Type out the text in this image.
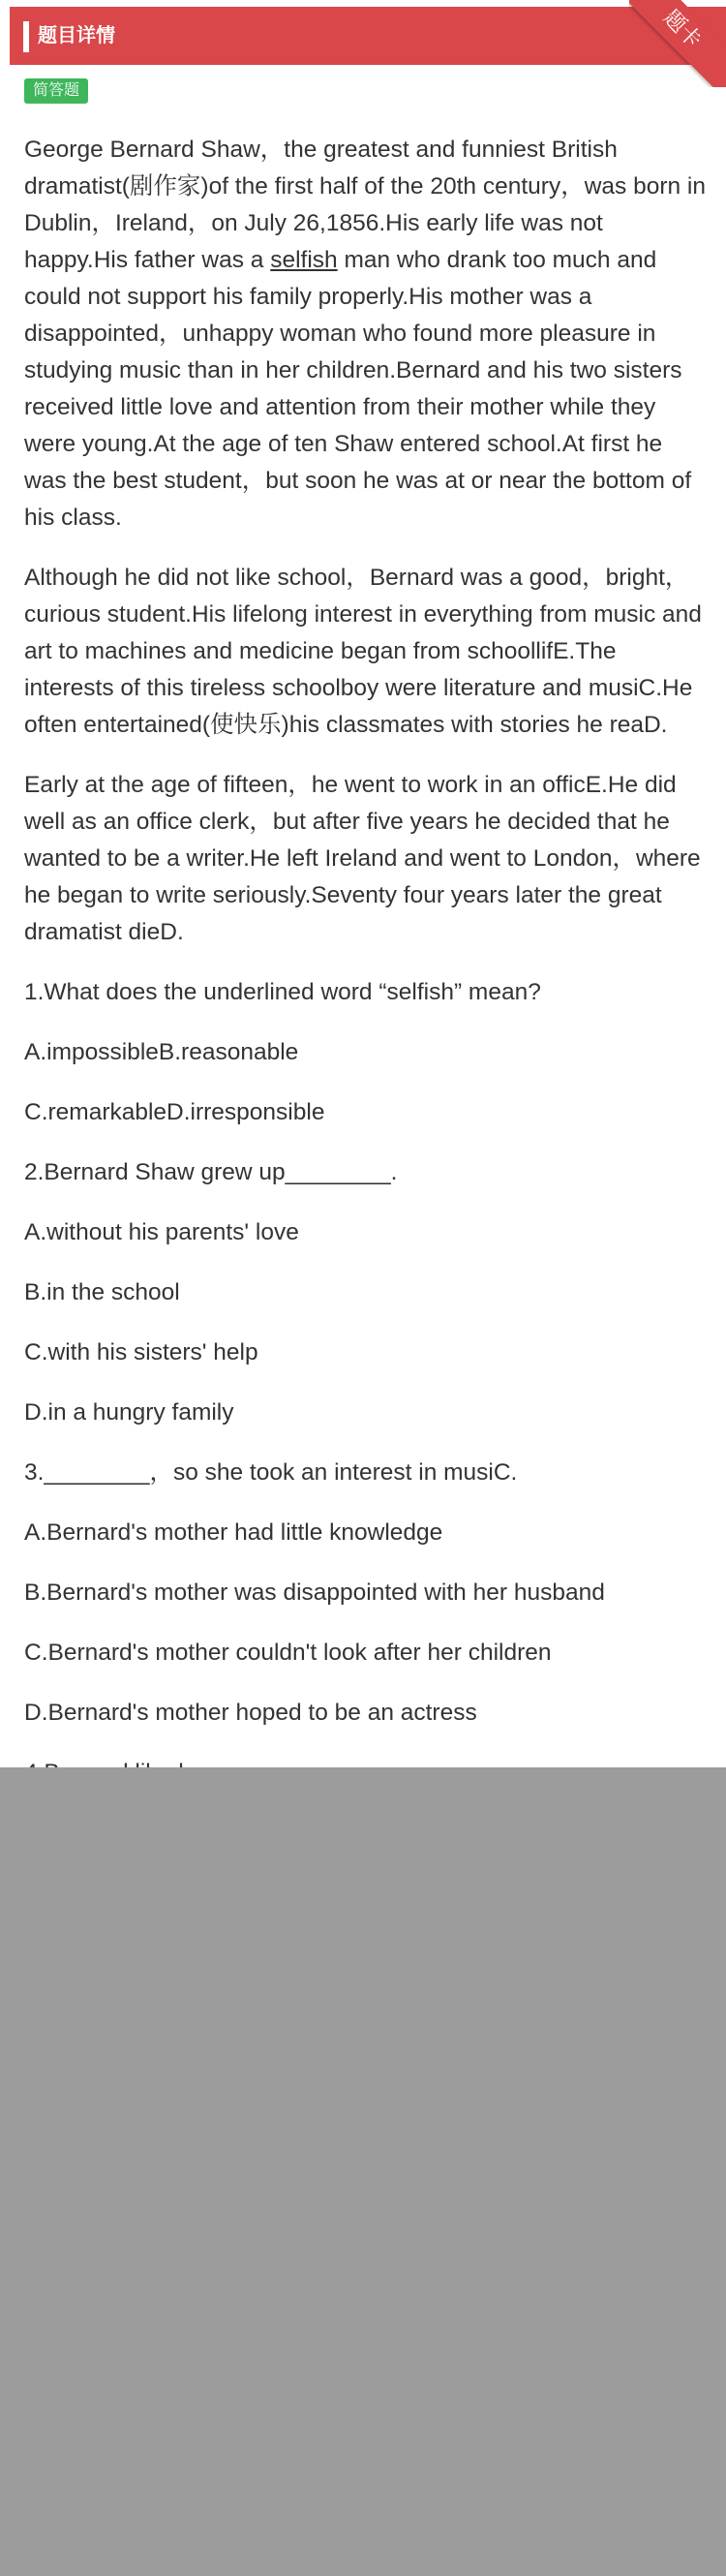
题目详情	题卡
简答题

George Bernard Shaw，the greatest and funniest British dramatist(剧作家)of the first half of the 20th century，was born in Dublin，Ireland，on July 26,1856.His early life was not happy.His father was a selfish man who drank too much and could not support his family properly.His mother was a disappointed，unhappy woman who found more pleasure in studying music than in her children.Bernard and his two sisters received little love and attention from their mother while they were young.At the age of ten Shaw entered school.At first he was the best student，but soon he was at or near the bottom of his class.

Although he did not like school，Bernard was a good，bright，curious student.His lifelong interest in everything from music and art to machines and medicine began from schoollifE.The interests of this tireless schoolboy were literature and musiC.He often entertained(使快乐)his classmates with stories he reaD.

Early at the age of fifteen，he went to work in an officE.He did well as an office clerk，but after five years he decided that he wanted to be a writer.He left Ireland and went to London，where he began to write seriously.Seventy four years later the great dramatist dieD.

1.What does the underlined word “selfish” mean?

A.impossibleB.reasonable

C.remarkableD.irresponsible

2.Bernard Shaw grew up________.

A.without his parents' love

B.in the school

C.with his sisters' help

D.in a hungry family

3.________，so she took an interest in musiC.

A.Bernard's mother had little knowledge

B.Bernard's mother was disappointed with her husband

C.Bernard's mother couldn't look after her children

D.Bernard's mother hoped to be an actress
